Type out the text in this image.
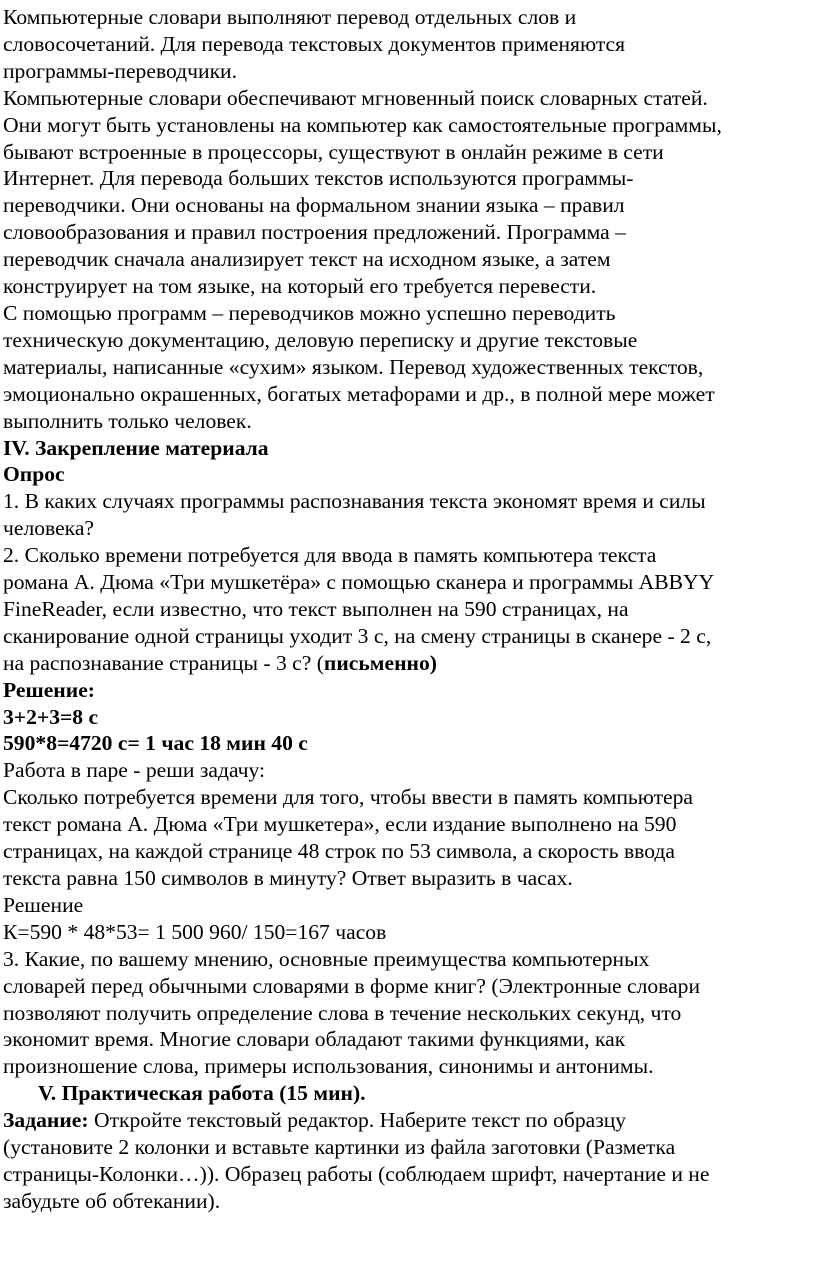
Компьютерные словари выполняют перевод отдельных слов и
словосочетаний. Для перевода текстовых документов применяются
программы-переводчики.
Компьютерные словари обеспечивают мгновенный поиск словарных статей.
Они могут быть установлены на компьютер как самостоятельные программы,
бывают встроенные в процессоры, существуют в онлайн режиме в сети
Интернет. Для перевода больших текстов используются программы-
переводчики. Они основаны на формальном знании языка – правил
словообразования и правил построения предложений. Программа –
переводчик сначала анализирует текст на исходном языке, а затем
конструирует на том языке, на который его требуется перевести.
С помощью программ – переводчиков можно успешно переводить
техническую документацию, деловую переписку и другие текстовые
материалы, написанные «сухим» языком. Перевод художественных текстов,
эмоционально окрашенных, богатых метафорами и др., в полной мере может
выполнить только человек.
IV. Закрепление материала
Опрос
1. В каких случаях программы распознавания текста экономят время и силы
человека?
2. Сколько времени потребуется для ввода в память компьютера текста
романа А. Дюма «Три мушкетёра» с помощью сканера и программы ABBYY
FineReader, если известно, что текст выполнен на 590 страницах, на
сканирование одной страницы уходит 3 с, на смену страницы в сканере - 2 с,
на распознавание страницы - 3 с? (письменно)
Решение:
3+2+3=8 с
590*8=4720 с= 1 час 18 мин 40 с
Работа в паре - реши задачу:
Сколько потребуется времени для того, чтобы ввести в память компьютера
текст романа А. Дюма «Три мушкетера», если издание выполнено на 590
страницах, на каждой странице 48 строк по 53 символа, а скорость ввода
текста равна 150 символов в минуту? Ответ выразить в часах.
Решение
К=590 * 48*53= 1 500 960/ 150=167 часов
3. Какие, по вашему мнению, основные преимущества компьютерных
словарей перед обычными словарями в форме книг? (Электронные словари
позволяют получить определение слова в течение нескольких секунд, что
экономит время. Многие словари обладают такими функциями, как
произношение слова, примеры использования, синонимы и антонимы.
V. Практическая работа (15 мин).
Задание: Откройте текстовый редактор. Наберите текст по образцу
(установите 2 колонки и вставьте картинки из файла заготовки (Разметка
страницы-Колонки…)). Образец работы (соблюдаем шрифт, начертание и не
забудьте об обтекании).
